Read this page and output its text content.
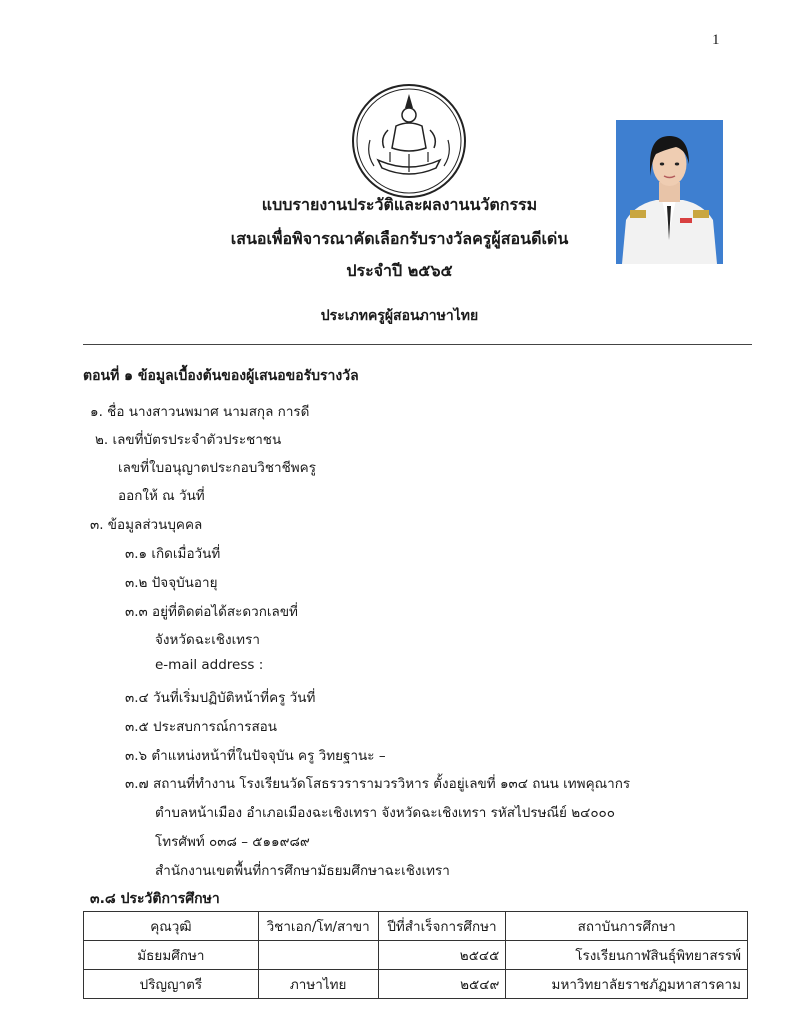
1
แบบรายงานประวัติและผลงานนวัตกรรม
เสนอเพื่อพิจารณาคัดเลือกรับรางวัลครูผู้สอนดีเด่น
ประจำปี ๒๕๖๕
ประเภทครูผู้สอนภาษาไทย
ตอนที่ ๑ ข้อมูลเบื้องต้นของผู้เสนอขอรับรางวัล
๑. ชื่อ นางสาวนพมาศ นามสกุล การดี
๒. เลขที่บัตรประจำตัวประชาชน
เลขที่ใบอนุญาตประกอบวิชาชีพครู
ออกให้ ณ วันที่
๓. ข้อมูลส่วนบุคคล
๓.๑ เกิดเมื่อวันที่
๓.๒ ปัจจุบันอายุ
๓.๓ อยู่ที่ติดต่อได้สะดวกเลขที่
จังหวัดฉะเชิงเทรา
e-mail address :
๓.๔ วันที่เริ่มปฏิบัติหน้าที่ครู วันที่
๓.๕ ประสบการณ์การสอน
๓.๖ ตำแหน่งหน้าที่ในปัจจุบัน ครู วิทยฐานะ –
๓.๗ สถานที่ทำงาน โรงเรียนวัดโสธรวรารามวรวิหาร ตั้งอยู่เลขที่ ๑๓๔ ถนน เทพคุณากร
ตำบลหน้าเมือง อำเภอเมืองฉะเชิงเทรา จังหวัดฉะเชิงเทรา รหัสไปรษณีย์ ๒๔๐๐๐
โทรศัพท์ ๐๓๘ – ๕๑๑๙๘๙
สำนักงานเขตพื้นที่การศึกษามัธยมศึกษาฉะเชิงเทรา
๓.๘ ประวัติการศึกษา
คุณวุฒิ	วิชาเอก/โท/สาขา	ปีที่สำเร็จการศึกษา	สถาบันการศึกษา
มัธยมศึกษา		๒๕๔๕	โรงเรียนกาฬสินธุ์พิทยาสรรพ์
ปริญญาตรี	ภาษาไทย	๒๕๔๙	มหาวิทยาลัยราชภัฏมหาสารคาม
